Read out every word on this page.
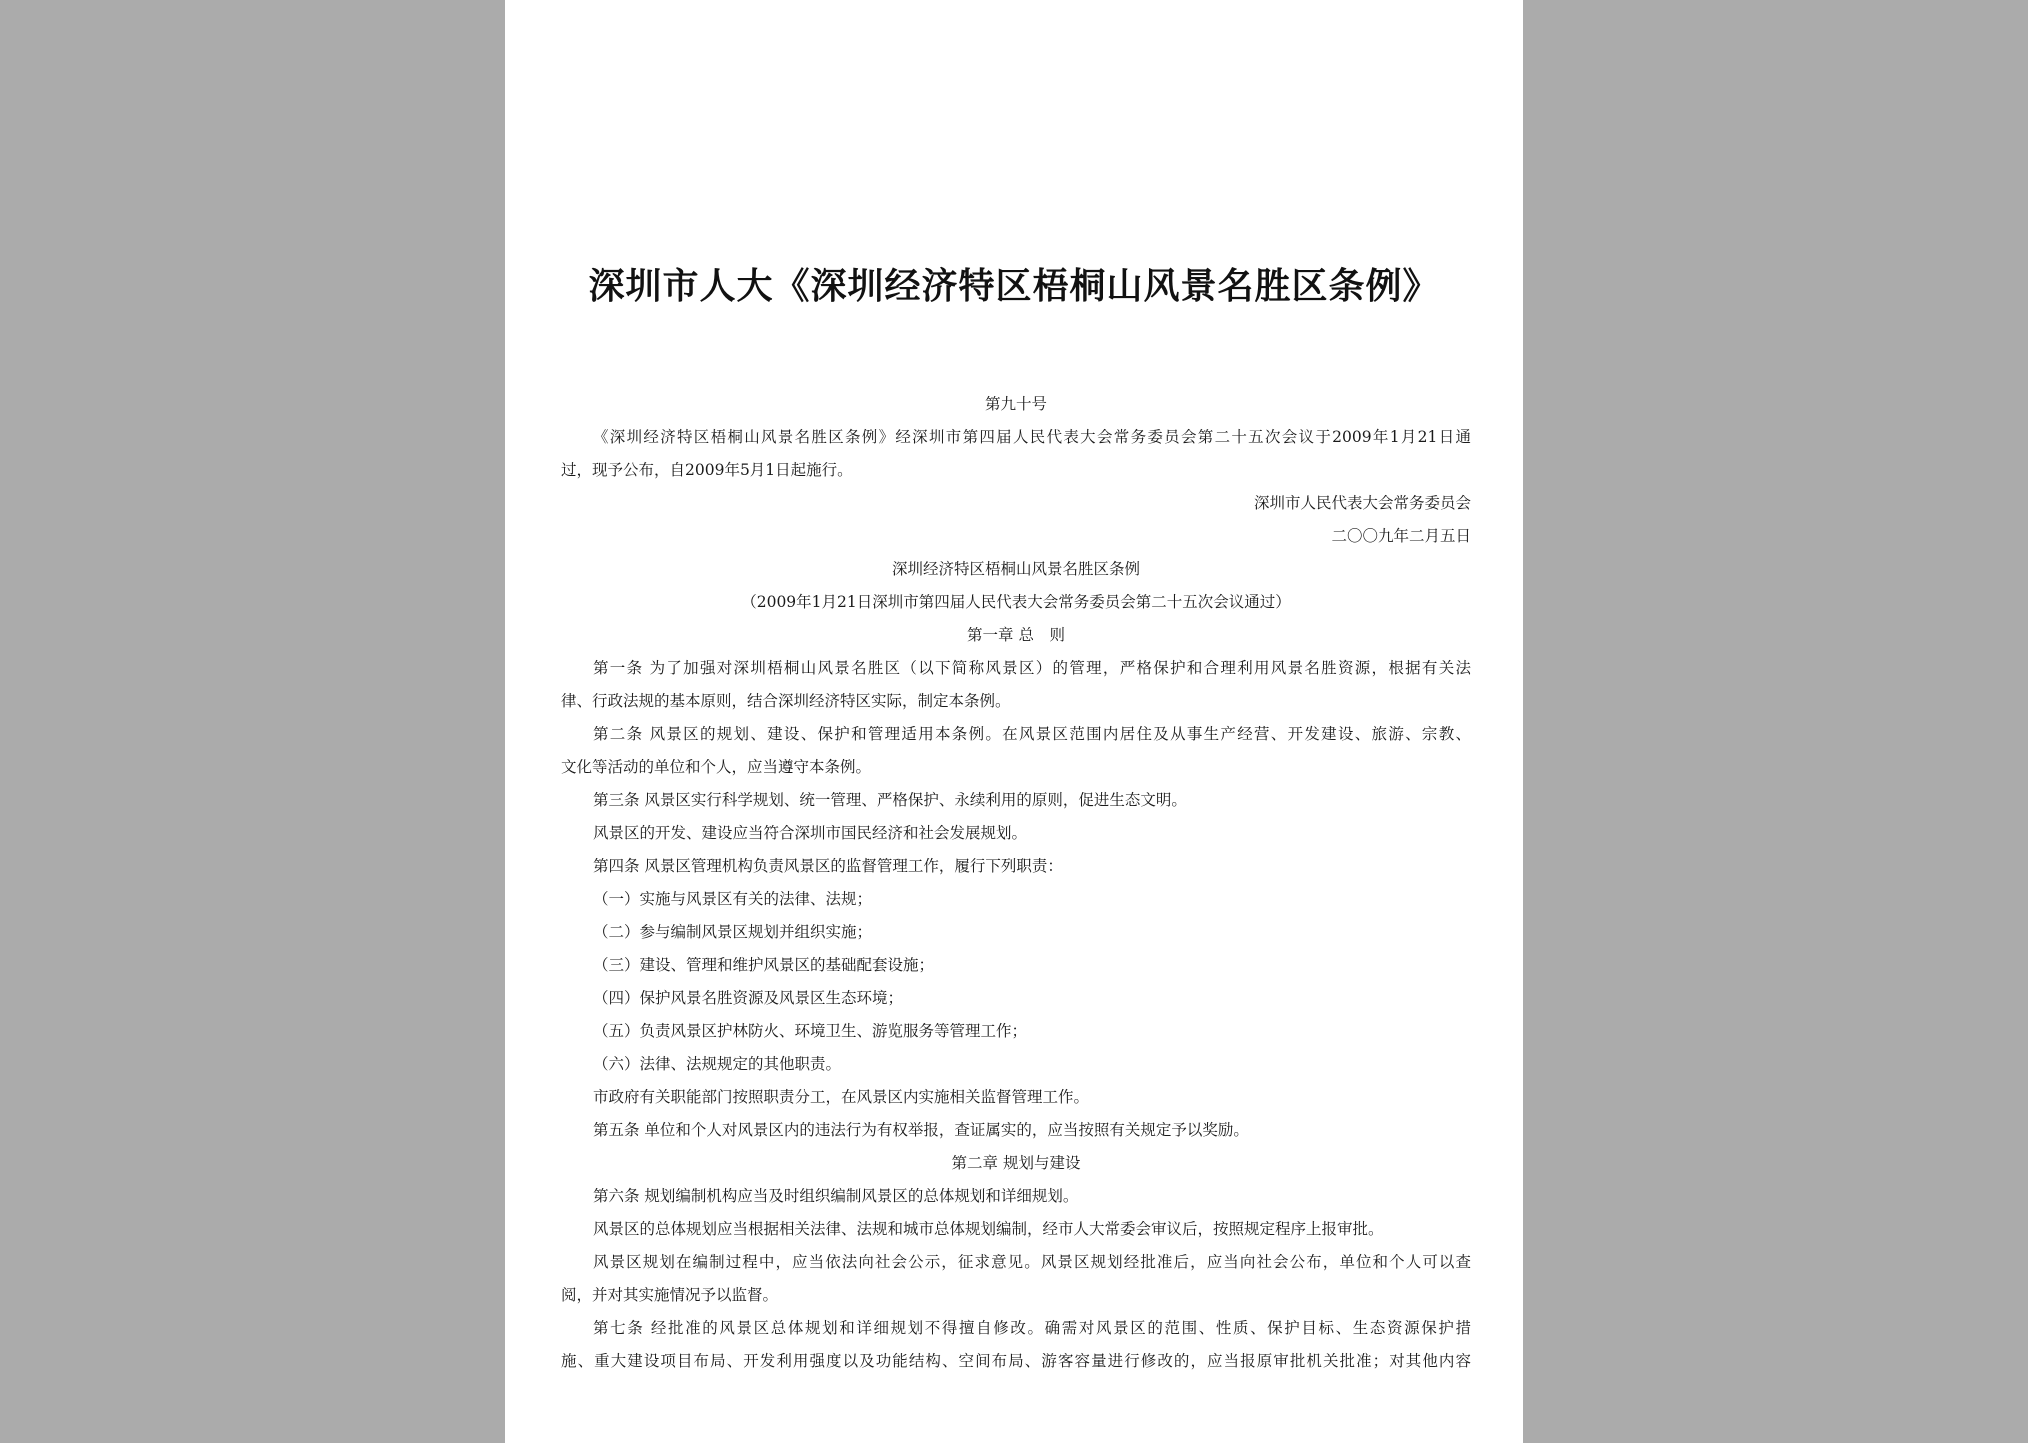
深圳市人大《深圳经济特区梧桐山风景名胜区条例》
第九十号
《深圳经济特区梧桐山风景名胜区条例》经深圳市第四届人民代表大会常务委员会第二十五次会议于2009年1月21日通
过，现予公布，自2009年5月1日起施行。
深圳市人民代表大会常务委员会
二〇〇九年二月五日
深圳经济特区梧桐山风景名胜区条例
（2009年1月21日深圳市第四届人民代表大会常务委员会第二十五次会议通过）
第一章 总　则
第一条 为了加强对深圳梧桐山风景名胜区（以下简称风景区）的管理，严格保护和合理利用风景名胜资源，根据有关法
律、行政法规的基本原则，结合深圳经济特区实际，制定本条例。
第二条 风景区的规划、建设、保护和管理适用本条例。在风景区范围内居住及从事生产经营、开发建设、旅游、宗教、
文化等活动的单位和个人，应当遵守本条例。
第三条 风景区实行科学规划、统一管理、严格保护、永续利用的原则，促进生态文明。
风景区的开发、建设应当符合深圳市国民经济和社会发展规划。
第四条 风景区管理机构负责风景区的监督管理工作，履行下列职责：
（一）实施与风景区有关的法律、法规；
（二）参与编制风景区规划并组织实施；
（三）建设、管理和维护风景区的基础配套设施；
（四）保护风景名胜资源及风景区生态环境；
（五）负责风景区护林防火、环境卫生、游览服务等管理工作；
（六）法律、法规规定的其他职责。
市政府有关职能部门按照职责分工，在风景区内实施相关监督管理工作。
第五条 单位和个人对风景区内的违法行为有权举报，查证属实的，应当按照有关规定予以奖励。
第二章 规划与建设
第六条 规划编制机构应当及时组织编制风景区的总体规划和详细规划。
风景区的总体规划应当根据相关法律、法规和城市总体规划编制，经市人大常委会审议后，按照规定程序上报审批。
风景区规划在编制过程中，应当依法向社会公示，征求意见。风景区规划经批准后，应当向社会公布，单位和个人可以查
阅，并对其实施情况予以监督。
第七条 经批准的风景区总体规划和详细规划不得擅自修改。确需对风景区的范围、性质、保护目标、生态资源保护措
施、重大建设项目布局、开发利用强度以及功能结构、空间布局、游客容量进行修改的，应当报原审批机关批准；对其他内容
